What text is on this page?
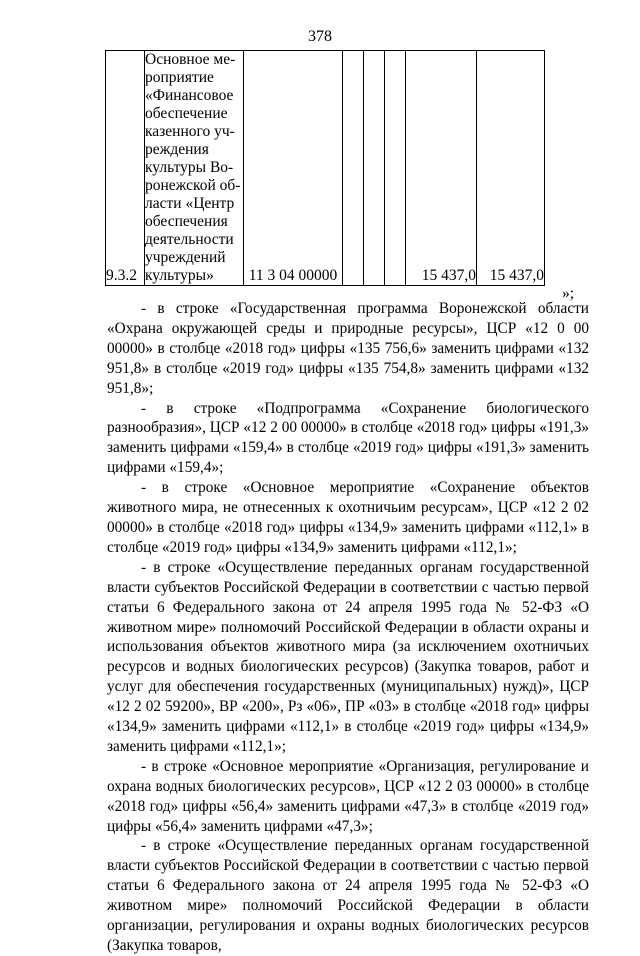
378
9.3.2	
Основное ме-
роприятие
«Финансовое
обеспечение
казенного уч-
реждения
культуры Во-
ронежской об-
ласти «Центр
обеспечения
деятельности
учреждений
культуры»	11 3 04 00000				15 437,0	15 437,0
»;

- в строке «Государственная программа Воронежской области «Охрана окружающей среды и природные ресурсы», ЦСР «12 0 00 00000» в столбце «2018 год» цифры «135 756,6» заменить цифрами «132 951,8» в столбце «2019 год» цифры «135 754,8» заменить цифрами «132 951,8»;

- в строке «Подпрограмма «Сохранение биологического разнообразия», ЦСР «12 2 00 00000» в столбце «2018 год» цифры «191,3» заменить цифрами «159,4» в столбце «2019 год» цифры «191,3» заменить цифрами «159,4»;

- в строке «Основное мероприятие «Сохранение объектов животного мира, не отнесенных к охотничьим ресурсам», ЦСР «12 2 02 00000» в столбце «2018 год» цифры «134,9» заменить цифрами «112,1» в столбце «2019 год» цифры «134,9» заменить цифрами «112,1»;

- в строке «Осуществление переданных органам государственной власти субъектов Российской Федерации в соответствии с частью первой статьи 6 Федерального закона от 24 апреля 1995 года № 52-ФЗ «О животном мире» полномочий Российской Федерации в области охраны и использования объектов животного мира (за исключением охотничьих ресурсов и водных биологических ресурсов) (Закупка товаров, работ и услуг для обеспечения государственных (муниципальных) нужд)», ЦСР «12 2 02 59200», ВР «200», Рз «06», ПР «03» в столбце «2018 год» цифры «134,9» заменить цифрами «112,1» в столбце «2019 год» цифры «134,9» заменить цифрами «112,1»;

- в строке «Основное мероприятие «Организация, регулирование и охрана водных биологических ресурсов», ЦСР «12 2 03 00000» в столбце «2018 год» цифры «56,4» заменить цифрами «47,3» в столбце «2019 год» цифры «56,4» заменить цифрами «47,3»;

- в строке «Осуществление переданных органам государственной власти субъектов Российской Федерации в соответствии с частью первой статьи 6 Федерального закона от 24 апреля 1995 года № 52-ФЗ «О животном мире» полномочий Российской Федерации в области организации, регулирования и охраны водных биологических ресурсов (Закупка товаров,
